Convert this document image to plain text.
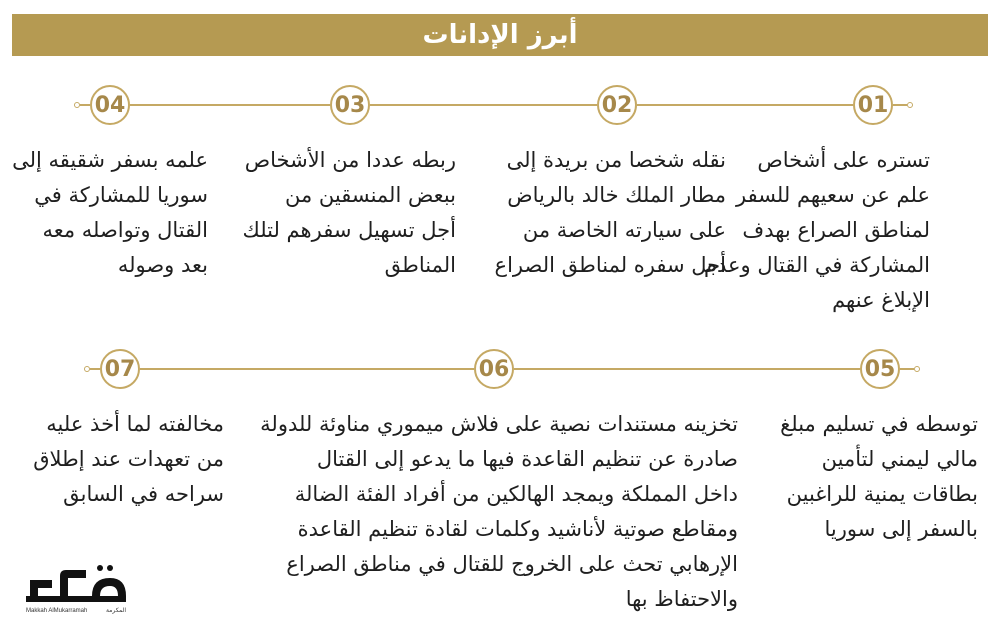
أبرز الإدانات
04	03	02	01
07	06	05
تستره على أشخاص
علم عن سعيهم للسفر
لمناطق الصراع بهدف
المشاركة في القتال وعدم
الإبلاغ عنهم
نقله شخصا من بريدة إلى
مطار الملك خالد بالرياض
على سيارته الخاصة من
أجل سفره لمناطق الصراع
ربطه عددا من الأشخاص
ببعض المنسقين من
أجل تسهيل سفرهم لتلك
المناطق
علمه بسفر شقيقه إلى
سوريا للمشاركة في
القتال وتواصله معه
بعد وصوله
توسطه في تسليم مبلغ
مالي ليمني لتأمين
بطاقات يمنية للراغبين
بالسفر إلى سوريا
تخزينه مستندات نصية على فلاش ميموري مناوئة للدولة
صادرة عن تنظيم القاعدة فيها ما يدعو إلى القتال
داخل المملكة ويمجد الهالكين من أفراد الفئة الضالة
ومقاطع صوتية لأناشيد وكلمات لقادة تنظيم القاعدة
الإرهابي تحث على الخروج للقتال في مناطق الصراع
والاحتفاظ بها
مخالفته لما أخذ عليه
من تعهدات عند إطلاق
سراحه في السابق
Makkah AlMukarramah	المكرمة
